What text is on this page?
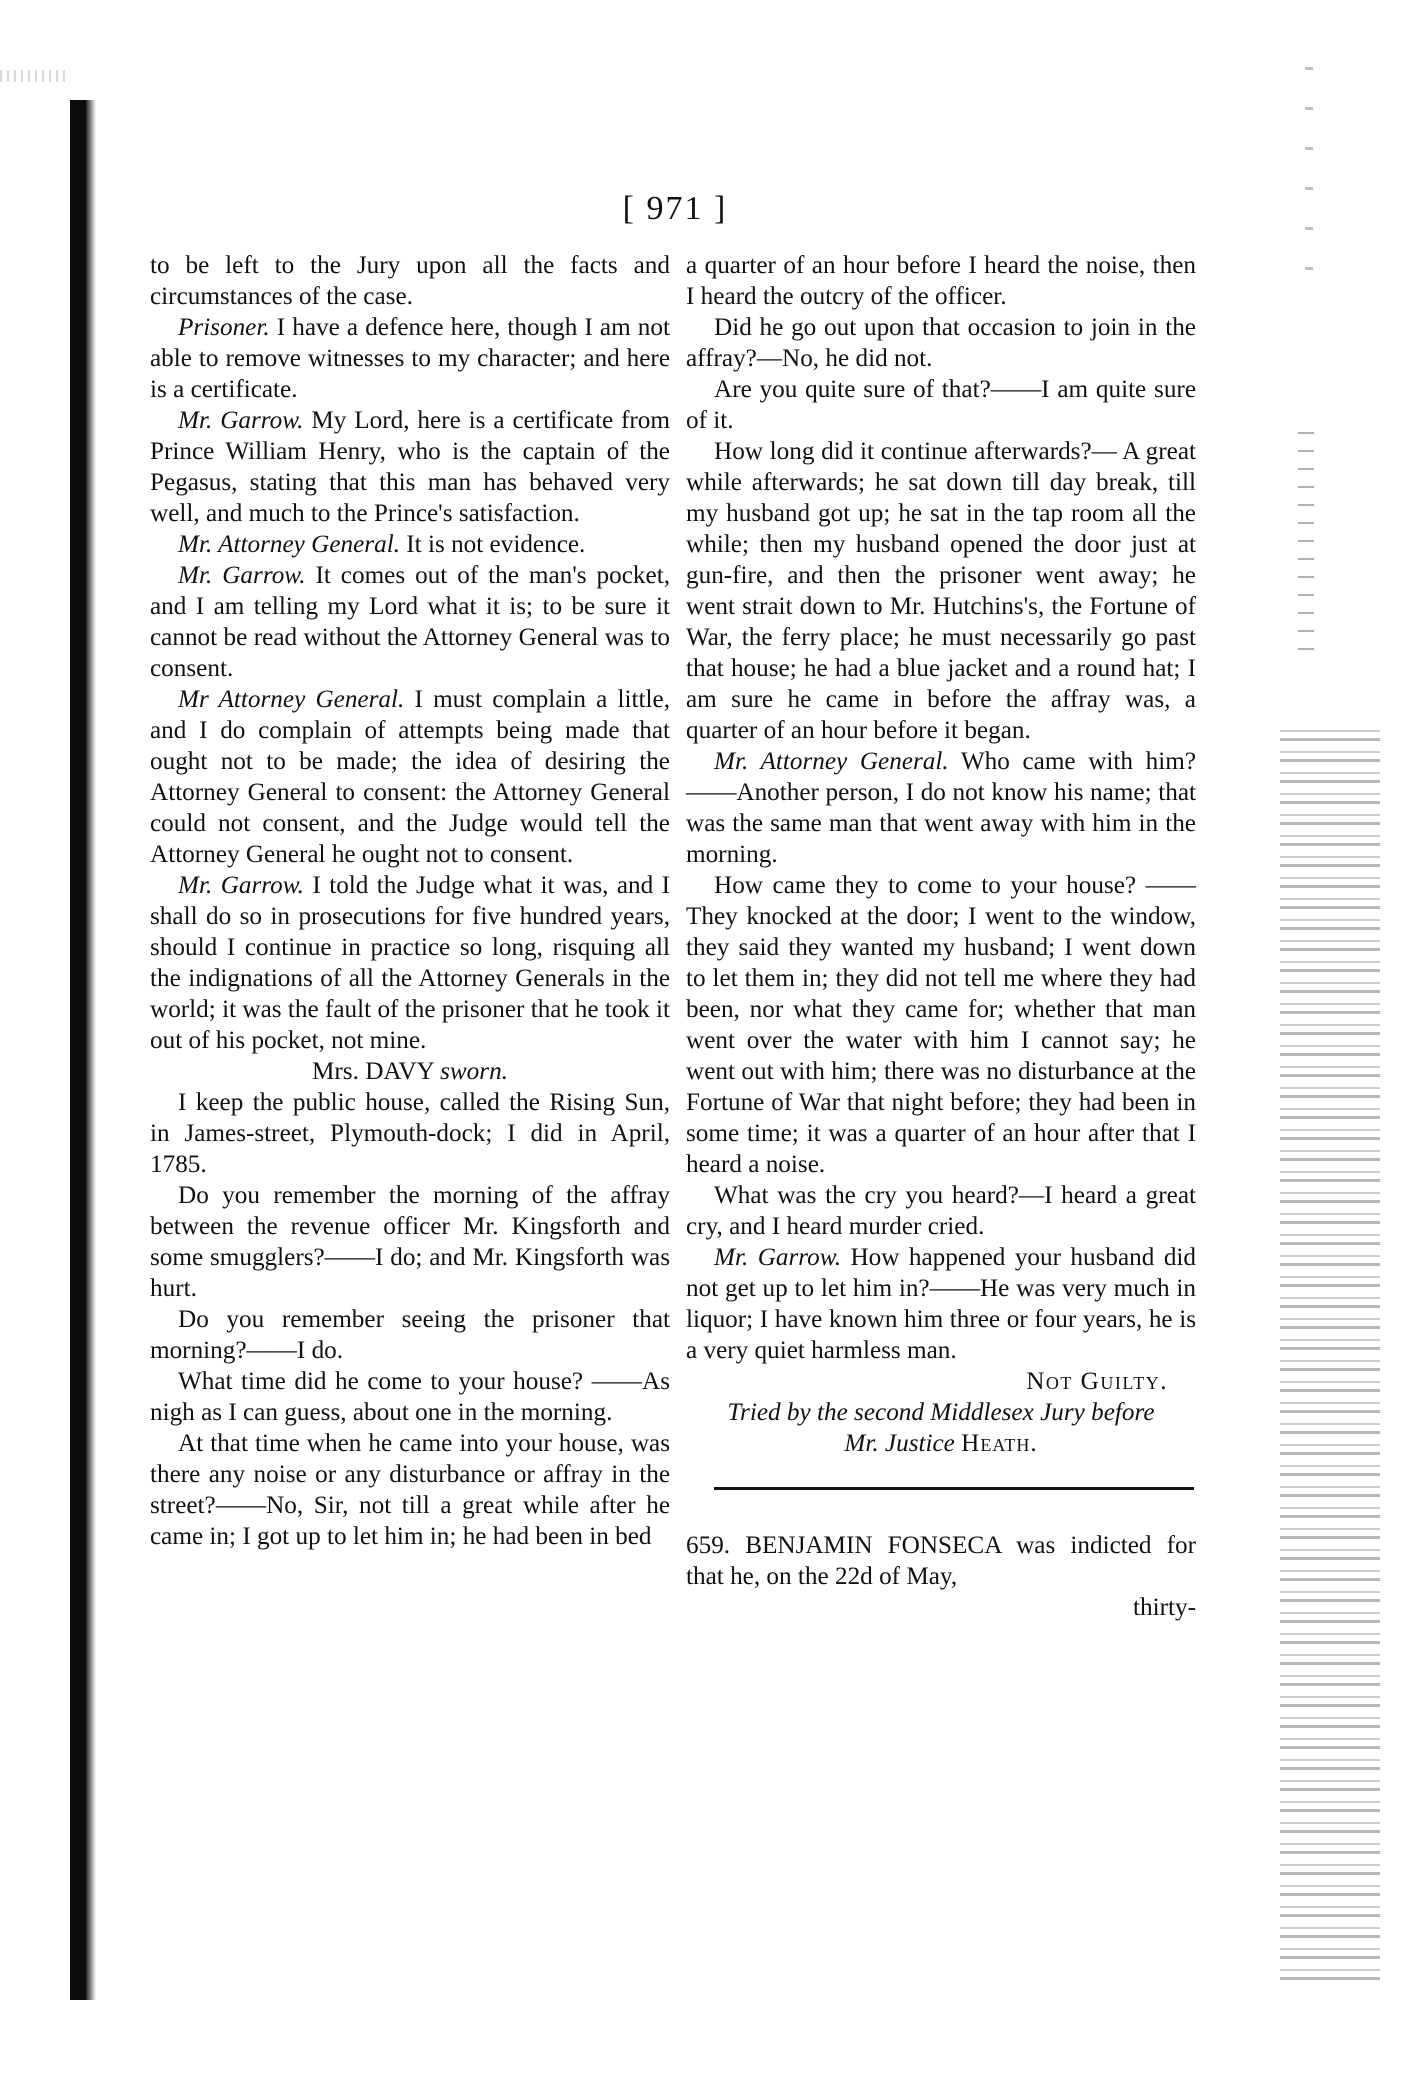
[ 971 ]

to be left to the Jury upon all the facts and circumstances of the case.

Prisoner. I have a defence here, though I am not able to remove witnesses to my character; and here is a certificate.

Mr. Garrow. My Lord, here is a certificate from Prince William Henry, who is the captain of the Pegasus, stating that this man has behaved very well, and much to the Prince's satisfaction.

Mr. Attorney General. It is not evidence.

Mr. Garrow. It comes out of the man's pocket, and I am telling my Lord what it is; to be sure it cannot be read without the Attorney General was to consent.

Mr Attorney General. I must complain a little, and I do complain of attempts being made that ought not to be made; the idea of desiring the Attorney General to consent: the Attorney General could not consent, and the Judge would tell the Attorney General he ought not to consent.

Mr. Garrow. I told the Judge what it was, and I shall do so in prosecutions for five hundred years, should I continue in practice so long, risquing all the indignations of all the Attorney Generals in the world; it was the fault of the prisoner that he took it out of his pocket, not mine.

Mrs. DAVY sworn.

I keep the public house, called the Rising Sun, in James-street, Plymouth-dock; I did in April, 1785.

Do you remember the morning of the affray between the revenue officer Mr. Kingsforth and some smugglers?——I do; and Mr. Kingsforth was hurt.

Do you remember seeing the prisoner that morning?——I do.

What time did he come to your house? ——As nigh as I can guess, about one in the morning.

At that time when he came into your house, was there any noise or any disturbance or affray in the street?——No, Sir, not till a great while after he came in; I got up to let him in; he had been in bed

a quarter of an hour before I heard the noise, then I heard the outcry of the officer.

Did he go out upon that occasion to join in the affray?—No, he did not.

Are you quite sure of that?——I am quite sure of it.

How long did it continue afterwards?— A great while afterwards; he sat down till day break, till my husband got up; he sat in the tap room all the while; then my husband opened the door just at gun-fire, and then the prisoner went away; he went strait down to Mr. Hutchins's, the Fortune of War, the ferry place; he must necessarily go past that house; he had a blue jacket and a round hat; I am sure he came in before the affray was, a quarter of an hour before it began.

Mr. Attorney General. Who came with him?——Another person, I do not know his name; that was the same man that went away with him in the morning.

How came they to come to your house? ——They knocked at the door; I went to the window, they said they wanted my husband; I went down to let them in; they did not tell me where they had been, nor what they came for; whether that man went over the water with him I cannot say; he went out with him; there was no disturbance at the Fortune of War that night before; they had been in some time; it was a quarter of an hour after that I heard a noise.

What was the cry you heard?—I heard a great cry, and I heard murder cried.

Mr. Garrow. How happened your husband did not get up to let him in?——He was very much in liquor; I have known him three or four years, he is a very quiet harmless man.

Not Guilty.

Tried by the second Middlesex Jury before

Mr. Justice Heath.

659. BENJAMIN FONSECA was indicted for that he, on the 22d of May,

thirty-
